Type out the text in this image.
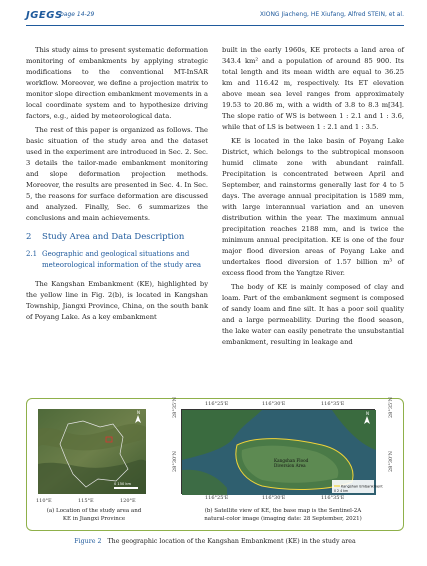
JGEGS
page 14-29	XIONG Jiacheng, HE Xiufang, Alfred STEIN, et al.

This study aims to present systematic deformation monitoring of embankments by applying strategic modifications to the conventional MT-InSAR workflow. Moreover, we define a projection matrix to monitor slope direction embankment movements in a local coordinate system and to hypothesize driving factors, e.g., aided by meteorological data.

The rest of this paper is organized as follows. The basic situation of the study area and the dataset used in the experiment are introduced in Sec. 2. Sec. 3 details the tailor-made embankment monitoring and slope deformation projection methods. Moreover, the results are presented in Sec. 4. In Sec. 5, the reasons for surface deformation are discussed and analyzed. Finally, Sec. 6 summarizes the conclusions and main achievements.

2 Study Area and Data Description
2.1 Geographic and geological situations and meteorological information of the study area

The Kangshan Embankment (KE), highlighted by the yellow line in Fig. 2(b), is located in Kangshan Township, Jiangxi Province, China, on the south bank of Poyang Lake. As a key embankment

built in the early 1960s, KE protects a land area of 343.4 km² and a population of around 85 900. Its total length and its mean width are equal to 36.25 km and 116.42 m, respectively. Its ET elevation above mean sea level ranges from approximately 19.53 to 20.86 m, with a width of 3.8 to 8.3 m[34]. The slope ratio of WS is between 1 : 2.1 and 1 : 3.6, while that of LS is between 1 : 2.1 and 1 : 3.5.

KE is located in the lake basin of Poyang Lake District, which belongs to the subtropical monsoon humid climate zone with abundant rainfall. Precipitation is concentrated between April and September, and rainstorms generally last for 4 to 5 days. The average annual precipitation is 1589 mm, with large interannual variation and an uneven distribution within the year. The maximum annual precipitation reaches 2188 mm, and is twice the minimum annual precipitation. KE is one of the four major flood diversion areas of Poyang Lake and undertakes flood diversion of 1.57 billion m³ of excess flood from the Yangtze River.

The body of KE is mainly composed of clay and loam. Part of the embankment segment is composed of sandy loam and fine silt. It has a poor soil quality and a large permeability. During the flood season, the lake water can easily penetrate the unsubstantial embankment, resulting in leakage and

N
0 150 km
110°E	115°E	120°E
116°25'E	116°30'E	116°35'E
28°35'N
28°30'N	Kangshan Flood Diversion Area
N
Kangshan Embankment
0 2 4 km
28°35'N
28°30'N
116°25'E	116°30'E	116°35'E
(a) Location of the study area and
KE in Jiangxi Province
(b) Satellite view of KE, the base map is the Sentinel-2A
natural-color image (imaging date: 28 September, 2021)
Figure 2 The geographic location of the Kangshan Embankment (KE) in the study area
